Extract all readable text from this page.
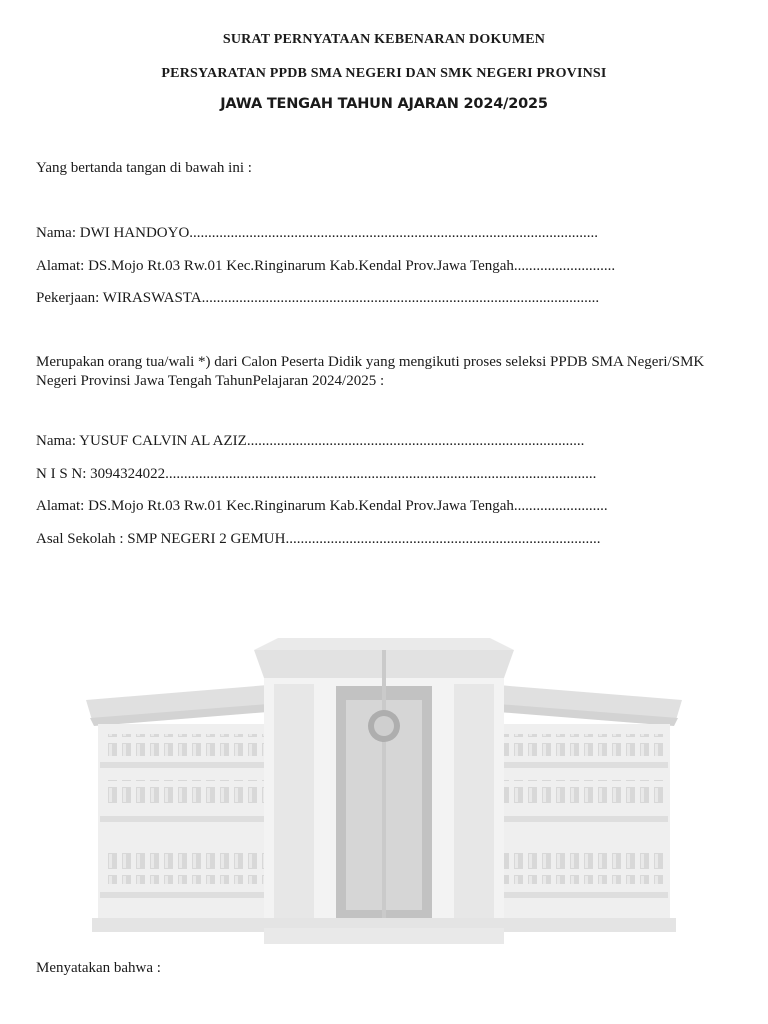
SURAT PERNYATAAN KEBENARAN DOKUMEN
PERSYARATAN PPDB SMA NEGERI DAN SMK NEGERI PROVINSI
JAWA TENGAH TAHUN AJARAN 2024/2025
Yang bertanda tangan di bawah ini :
Nama: DWI HANDOYO.............................................................................................................
Alamat: DS.Mojo Rt.03 Rw.01 Kec.Ringinarum Kab.Kendal Prov.Jawa Tengah...........................
Pekerjaan: WIRASWASTA..........................................................................................................

Merupakan orang tua/wali *) dari Calon Peserta Didik yang mengikuti proses seleksi PPDB SMA Negeri/SMK Negeri Provinsi Jawa Tengah TahunPelajaran 2024/2025 :

Nama: YUSUF CALVIN AL AZIZ..........................................................................................
N I S N: 3094324022...................................................................................................................
Alamat: DS.Mojo Rt.03 Rw.01 Kec.Ringinarum Kab.Kendal Prov.Jawa Tengah.........................
Asal Sekolah : SMP NEGERI 2 GEMUH....................................................................................
Menyatakan bahwa :
